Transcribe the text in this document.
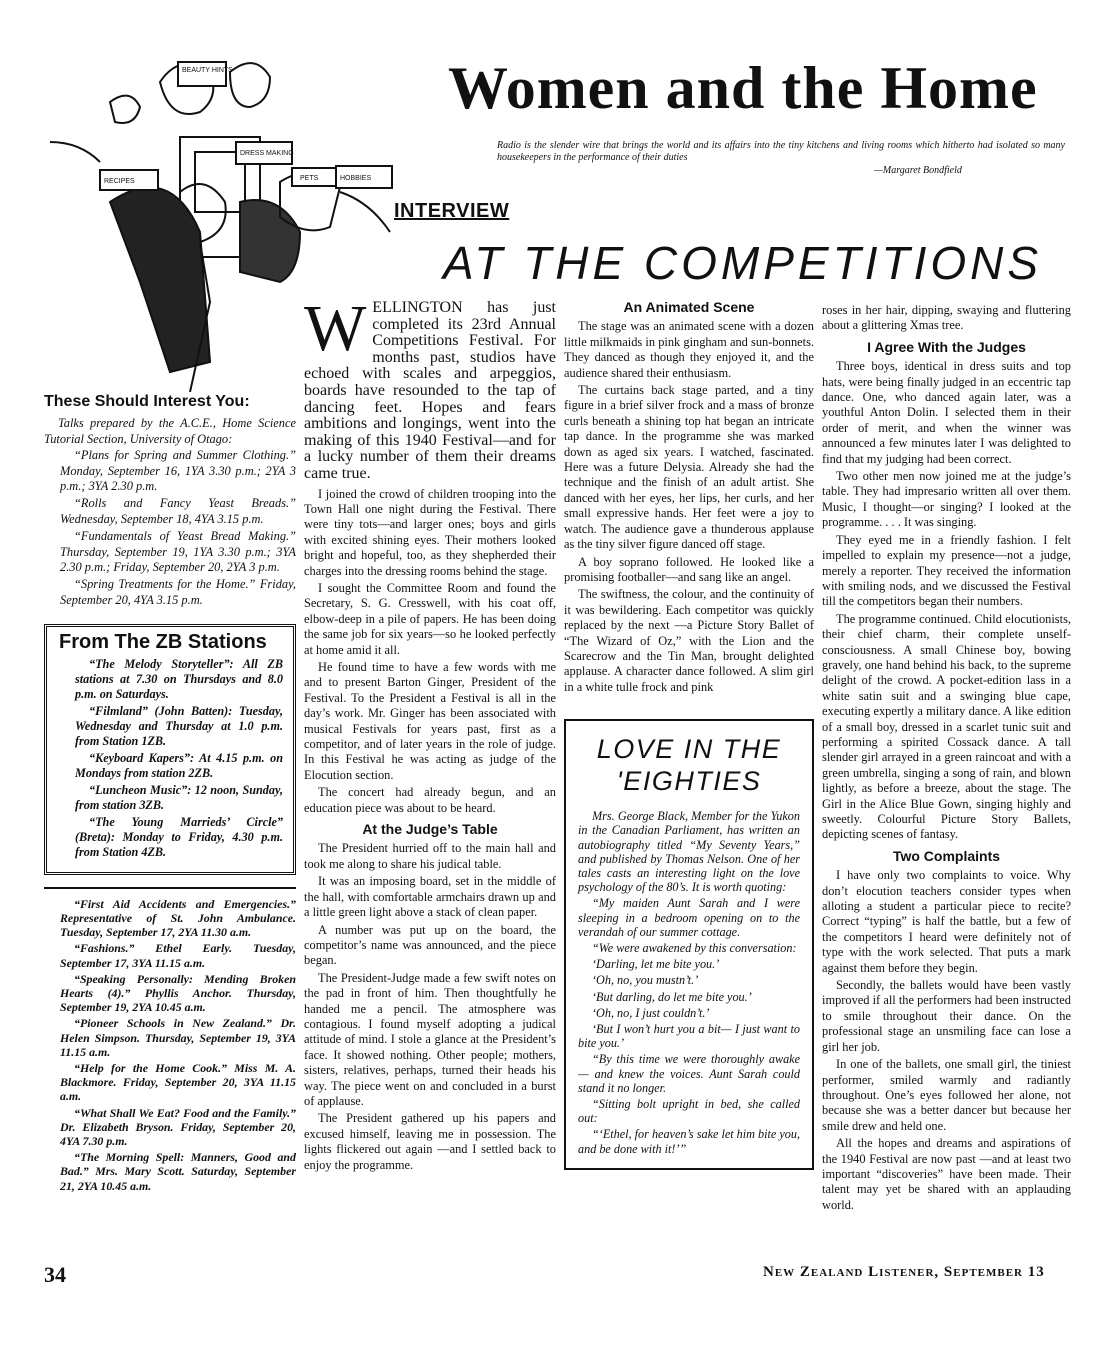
BEAUTY HINTS
RECIPES
DRESS MAKING
PETS	HOBBIES
Women and the Home
Radio is the slender wire that brings the world and its affairs into the tiny kitchens and living rooms which hitherto had isolated so many housekeepers in the performance of their duties
—Margaret Bondfield
INTERVIEW
AT THE COMPETITIONS
These Should Interest You:

Talks prepared by the A.C.E., Home Science Tutorial Section, University of Otago:

“Plans for Spring and Summer Clothing.” Monday, September 16, 1YA 3.30 p.m.; 2YA 3 p.m.; 3YA 2.30 p.m.

“Rolls and Fancy Yeast Breads.” Wednesday, September 18, 4YA 3.15 p.m.

“Fundamentals of Yeast Bread Making.” Thursday, September 19, 1YA 3.30 p.m.; 3YA 2.30 p.m.; Friday, September 20, 2YA 3 p.m.

“Spring Treatments for the Home.” Friday, September 20, 4YA 3.15 p.m.

From The ZB Stations

“The Melody Storyteller”: All ZB stations at 7.30 on Thursdays and 8.0 p.m. on Saturdays.

“Filmland” (John Batten): Tuesday, Wednesday and Thursday at 1.0 p.m. from Station 1ZB.

“Keyboard Kapers”: At 4.15 p.m. on Mondays from station 2ZB.

“Luncheon Music”: 12 noon, Sunday, from station 3ZB.

“The Young Marrieds’ Circle” (Breta): Monday to Friday, 4.30 p.m. from Station 4ZB.

“First Aid Accidents and Emergencies.” Representative of St. John Ambulance. Tuesday, September 17, 2YA 11.30 a.m.

“Fashions.” Ethel Early. Tuesday, September 17, 3YA 11.15 a.m.

“Speaking Personally: Mending Broken Hearts (4).” Phyllis Anchor. Thursday, September 19, 2YA 10.45 a.m.

“Pioneer Schools in New Zealand.” Dr. Helen Simpson. Thursday, September 19, 3YA 11.15 a.m.

“Help for the Home Cook.” Miss M. A. Blackmore. Friday, September 20, 3YA 11.15 a.m.

“What Shall We Eat? Food and the Family.” Dr. Elizabeth Bryson. Friday, September 20, 4YA 7.30 p.m.

“The Morning Spell: Manners, Good and Bad.” Mrs. Mary Scott. Saturday, September 21, 2YA 10.45 a.m.

W ELLINGTON has just completed its 23rd Annual Competitions Festival. For months past, studios have echoed with scales and arpeggios, boards have resounded to the tap of dancing feet. Hopes and fears ambitions and longings, went into the making of this 1940 Festival—and for a lucky number of them their dreams came true.

I joined the crowd of children trooping into the Town Hall one night during the Festival. There were tiny tots—and larger ones; boys and girls with excited shining eyes. Their mothers looked bright and hopeful, too, as they shepherded their charges into the dressing rooms behind the stage.

I sought the Committee Room and found the Secretary, S. G. Cresswell, with his coat off, elbow-deep in a pile of papers. He has been doing the same job for six years—so he looked perfectly at home amid it all.

He found time to have a few words with me and to present Barton Ginger, President of the Festival. To the President a Festival is all in the day’s work. Mr. Ginger has been associated with musical Festivals for years past, first as a competitor, and of later years in the role of judge. In this Festival he was acting as judge of the Elocution section.

The concert had already begun, and an education piece was about to be heard.

At the Judge’s Table

The President hurried off to the main hall and took me along to share his judical table.

It was an imposing board, set in the middle of the hall, with comfortable armchairs drawn up and a little green light above a stack of clean paper.

A number was put up on the board, the competitor’s name was announced, and the piece began.

The President-Judge made a few swift notes on the pad in front of him. Then thoughtfully he handed me a pencil. The atmosphere was contagious. I found myself adopting a judical attitude of mind. I stole a glance at the President’s face. It showed nothing. Other people; mothers, sisters, relatives, perhaps, turned their heads his way. The piece went on and concluded in a burst of applause.

The President gathered up his papers and excused himself, leaving me in possession. The lights flickered out again —and I settled back to enjoy the programme.

An Animated Scene

The stage was an animated scene with a dozen little milkmaids in pink gingham and sun-bonnets. They danced as though they enjoyed it, and the audience shared their enthusiasm.

The curtains back stage parted, and a tiny figure in a brief silver frock and a mass of bronze curls beneath a shining top hat began an intricate tap dance. In the programme she was marked down as aged six years. I watched, fascinated. Here was a future Delysia. Already she had the technique and the finish of an adult artist. She danced with her eyes, her lips, her curls, and her small expressive hands. Her feet were a joy to watch. The audience gave a thunderous applause as the tiny silver figure danced off stage.

A boy soprano followed. He looked like a promising footballer—and sang like an angel.

The swiftness, the colour, and the continuity of it was bewildering. Each competitor was quickly replaced by the next —a Picture Story Ballet of “The Wizard of Oz,” with the Lion and the Scarecrow and the Tin Man, brought delighted applause. A character dance followed. A slim girl in a white tulle frock and pink

LOVE IN THE
'EIGHTIES

Mrs. George Black, Member for the Yukon in the Canadian Parliament, has written an autobiography titled “My Seventy Years,” and published by Thomas Nelson. One of her tales casts an interesting light on the love psychology of the 80’s. It is worth quoting:

“My maiden Aunt Sarah and I were sleeping in a bedroom opening on to the verandah of our summer cottage.

“We were awakened by this conversation:

‘Darling, let me bite you.’

‘Oh, no, you mustn’t.’

‘But darling, do let me bite you.’

‘Oh, no, I just couldn’t.’

‘But I won’t hurt you a bit— I just want to bite you.’

“By this time we were thoroughly awake — and knew the voices. Aunt Sarah could stand it no longer.

“Sitting bolt upright in bed, she called out:

“‘Ethel, for heaven’s sake let him bite you, and be done with it!’”

roses in her hair, dipping, swaying and fluttering about a glittering Xmas tree.

I Agree With the Judges

Three boys, identical in dress suits and top hats, were being finally judged in an eccentric tap dance. One, who danced again later, was a youthful Anton Dolin. I selected them in their order of merit, and when the winner was announced a few minutes later I was delighted to find that my judging had been correct.

Two other men now joined me at the judge’s table. They had impresario written all over them. Music, I thought—or singing? I looked at the programme. . . . It was singing.

They eyed me in a friendly fashion. I felt impelled to explain my presence—not a judge, merely a reporter. They received the information with smiling nods, and we discussed the Festival till the competitors began their numbers.

The programme continued. Child elocutionists, their chief charm, their complete unself-consciousness. A small Chinese boy, bowing gravely, one hand behind his back, to the supreme delight of the crowd. A pocket-edition lass in a white satin suit and a swinging blue cape, executing expertly a military dance. A like edition of a small boy, dressed in a scarlet tunic suit and performing a spirited Cossack dance. A tall slender girl arrayed in a green raincoat and with a green umbrella, singing a song of rain, and blown lightly, as before a breeze, about the stage. The Girl in the Alice Blue Gown, singing highly and sweetly. Colourful Picture Story Ballets, depicting scenes of fantasy.

Two Complaints

I have only two complaints to voice. Why don’t elocution teachers consider types when alloting a student a particular piece to recite? Correct “typing” is half the battle, but a few of the competitors I heard were definitely not of type with the work selected. That puts a mark against them before they begin.

Secondly, the ballets would have been vastly improved if all the performers had been instructed to smile throughout their dance. On the professional stage an unsmiling face can lose a girl her job.

In one of the ballets, one small girl, the tiniest performer, smiled warmly and radiantly throughout. One’s eyes followed her alone, not because she was a better dancer but because her smile drew and held one.

All the hopes and dreams and aspirations of the 1940 Festival are now past —and at least two important “discoveries” have been made. Their talent may yet be shared with an applauding world.

34	New Zealand Listener, September 13
